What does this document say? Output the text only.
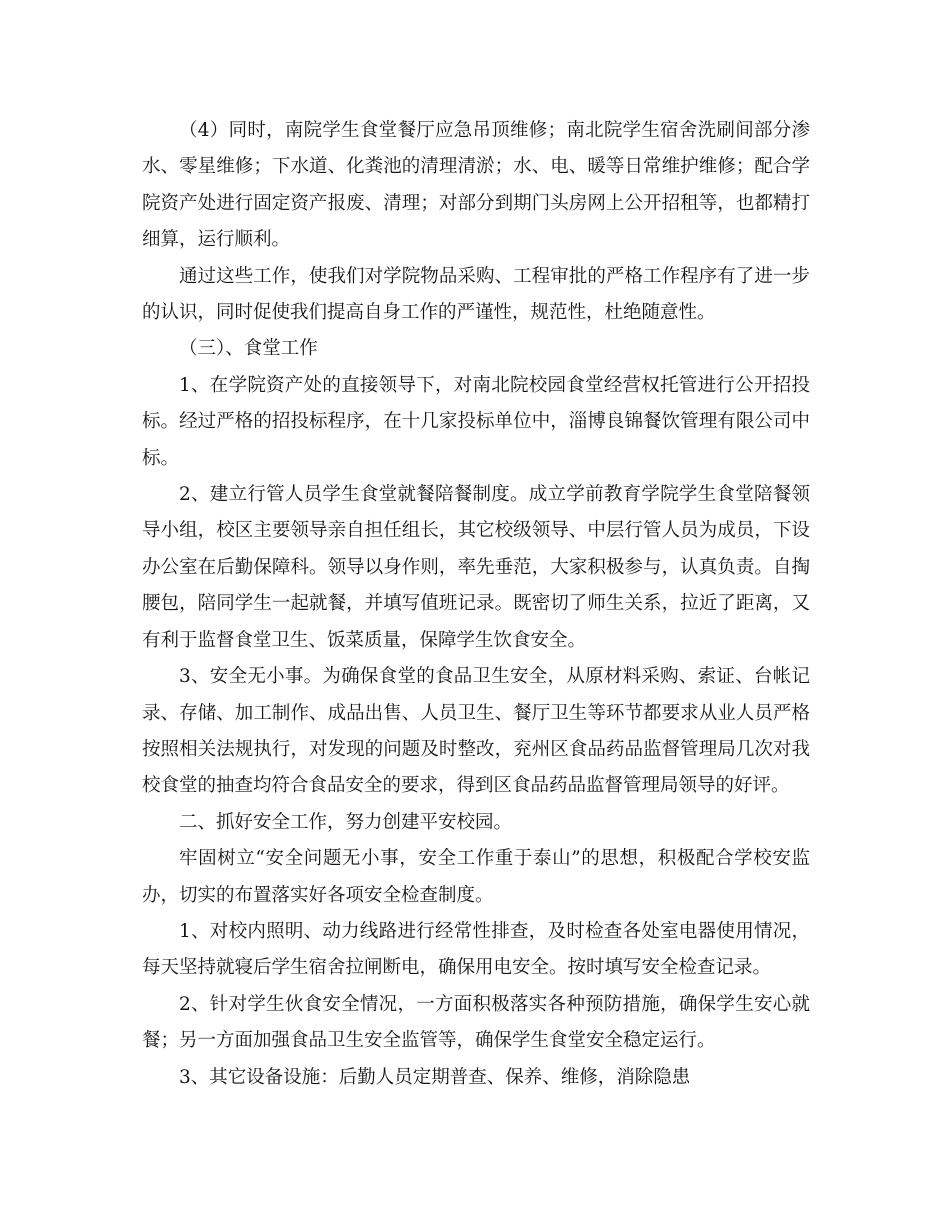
（4）同时，南院学生食堂餐厅应急吊顶维修；南北院学生宿舍洗刷间部分渗水、零星维修；下水道、化粪池的清理清淤；水、电、暖等日常维护维修；配合学院资产处进行固定资产报废、清理；对部分到期门头房网上公开招租等，也都精打细算，运行顺利。

通过这些工作，使我们对学院物品采购、工程审批的严格工作程序有了进一步的认识，同时促使我们提高自身工作的严谨性，规范性，杜绝随意性。

（三）、食堂工作

1、在学院资产处的直接领导下，对南北院校园食堂经营权托管进行公开招投标。经过严格的招投标程序，在十几家投标单位中，淄博良锦餐饮管理有限公司中标。

2、建立行管人员学生食堂就餐陪餐制度。成立学前教育学院学生食堂陪餐领导小组，校区主要领导亲自担任组长，其它校级领导、中层行管人员为成员，下设办公室在后勤保障科。领导以身作则，率先垂范，大家积极参与，认真负责。自掏腰包，陪同学生一起就餐，并填写值班记录。既密切了师生关系，拉近了距离，又有利于监督食堂卫生、饭菜质量，保障学生饮食安全。

3、安全无小事。为确保食堂的食品卫生安全，从原材料采购、索证、台帐记录、存储、加工制作、成品出售、人员卫生、餐厅卫生等环节都要求从业人员严格按照相关法规执行，对发现的问题及时整改，兖州区食品药品监督管理局几次对我校食堂的抽查均符合食品安全的要求，得到区食品药品监督管理局领导的好评。

二、抓好安全工作，努力创建平安校园。

牢固树立“安全问题无小事，安全工作重于泰山”的思想，积极配合学校安监办，切实的布置落实好各项安全检查制度。

1、对校内照明、动力线路进行经常性排查，及时检查各处室电器使用情况，每天坚持就寝后学生宿舍拉闸断电，确保用电安全。按时填写安全检查记录。

2、针对学生伙食安全情况，一方面积极落实各种预防措施，确保学生安心就餐；另一方面加强食品卫生安全监管等，确保学生食堂安全稳定运行。

3、其它设备设施：后勤人员定期普查、保养、维修，消除隐患
